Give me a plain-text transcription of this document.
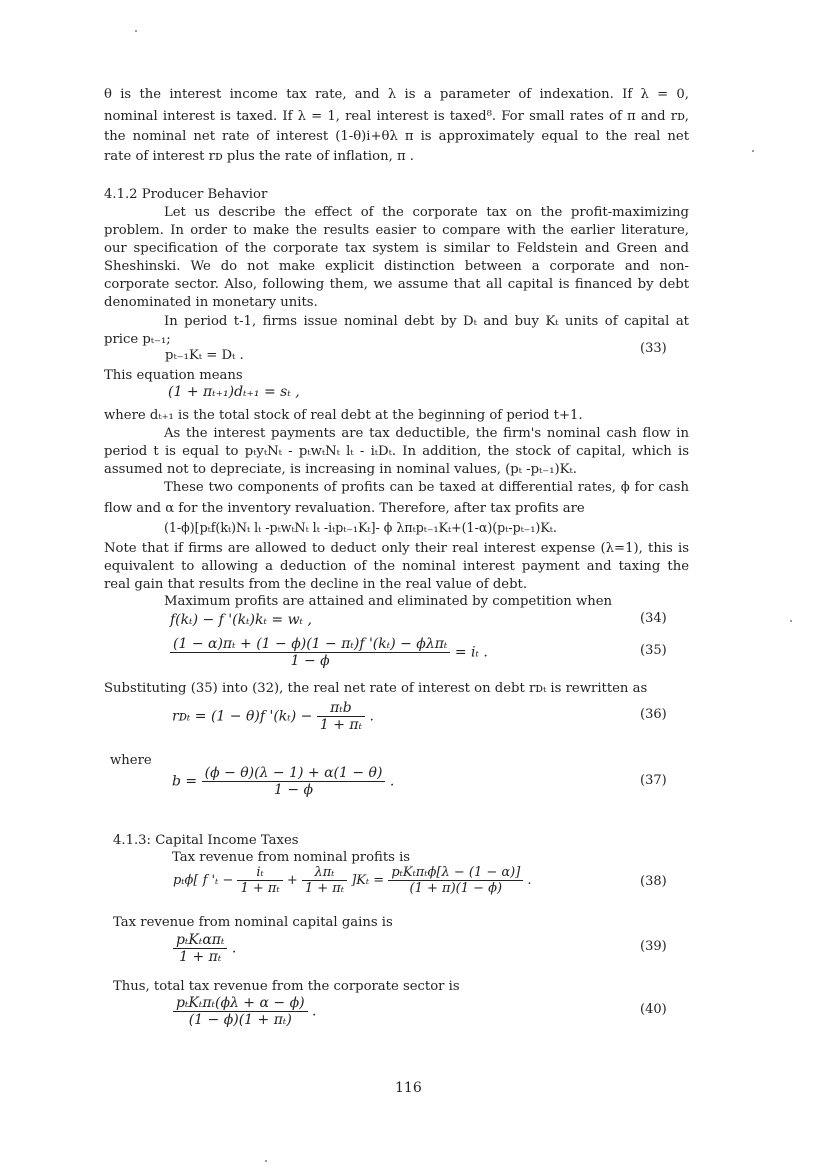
θ is the interest income tax rate, and λ is a parameter of indexation. If λ = 0,
nominal interest is taxed. If λ = 1, real interest is taxed⁸. For small rates of π and rᴅ,
the nominal net rate of interest (1-θ)i+θλ π is approximately equal to the real net
rate of interest rᴅ plus the rate of inflation, π .
4.1.2 Producer Behavior
Let us describe the effect of the corporate tax on the profit-maximizing
problem. In order to make the results easier to compare with the earlier literature,
our specification of the corporate tax system is similar to Feldstein and Green and
Sheshinski. We do not make explicit distinction between a corporate and non-
corporate sector. Also, following them, we assume that all capital is financed by debt
denominated in monetary units.
In period t-1, firms issue nominal debt by Dₜ and buy Kₜ units of capital at
price pₜ₋₁;
pₜ₋₁Kₜ = Dₜ .	(33)
This equation means
(1 + πₜ₊₁)dₜ₊₁ = sₜ ,
where dₜ₊₁ is the total stock of real debt at the beginning of period t+1.
As the interest payments are tax deductible, the firm's nominal cash flow in
period t is equal to pₜyₜNₜ - pₜwₜNₜ lₜ - iₜDₜ. In addition, the stock of capital, which is
assumed not to depreciate, is increasing in nominal values, (pₜ -pₜ₋₁)Kₜ.
These two components of profits can be taxed at differential rates, ϕ for cash
flow and α for the inventory revaluation. Therefore, after tax profits are
(1-ϕ)[pₜf(kₜ)Nₜ lₜ -pₜwₜNₜ lₜ -iₜpₜ₋₁Kₜ]- ϕ λπₜpₜ₋₁Kₜ+(1-α)(pₜ-pₜ₋₁)Kₜ.
Note that if firms are allowed to deduct only their real interest expense (λ=1), this is
equivalent to allowing a deduction of the nominal interest payment and taxing the
real gain that results from the decline in the real value of debt.
Maximum profits are attained and eliminated by competition when
f(kₜ) − f '(kₜ)kₜ = wₜ ,	(34)
$\frac{\text{(1 − α)πₜ + (1 − ϕ)(1 − πₜ)f '(kₜ) − ϕλπₜ}}{1 - \phi} = i_t$ .	(35)
Substituting (35) into (32), the real net rate of interest on debt rᴅₜ is rewritten as
rᴅₜ = (1 − θ)f '$(k_t) - \frac{\text{πₜb}}{\text{1 + πₜ}}$ .	(36)
where
$b = \frac{(\phi - \theta)(\lambda - 1) + \alpha(1 - \theta)}{1 - \phi}$ .	(37)
4.1.3: Capital Income Taxes
Tax revenue from nominal profits is
pₜϕ[ f '$_t - \frac{\text{iₜ}}{\text{1 + πₜ}} + \frac{\text{λπₜ}}{\text{1 + πₜ}} ]K_t = \frac{\text{pₜKₜπₜϕ[λ − (1 − α)]}}{(1 + \pi)(1 - \phi)}$ .	(38)
Tax revenue from nominal capital gains is
$\frac{\text{pₜKₜαπₜ}}{\text{1 + πₜ}}$ .	(39)
Thus, total tax revenue from the corporate sector is
$\frac{\text{pₜKₜπₜ(ϕλ + α − ϕ)}}{\text{(1 − ϕ)(1 + πₜ)}}$ .	(40)
116
